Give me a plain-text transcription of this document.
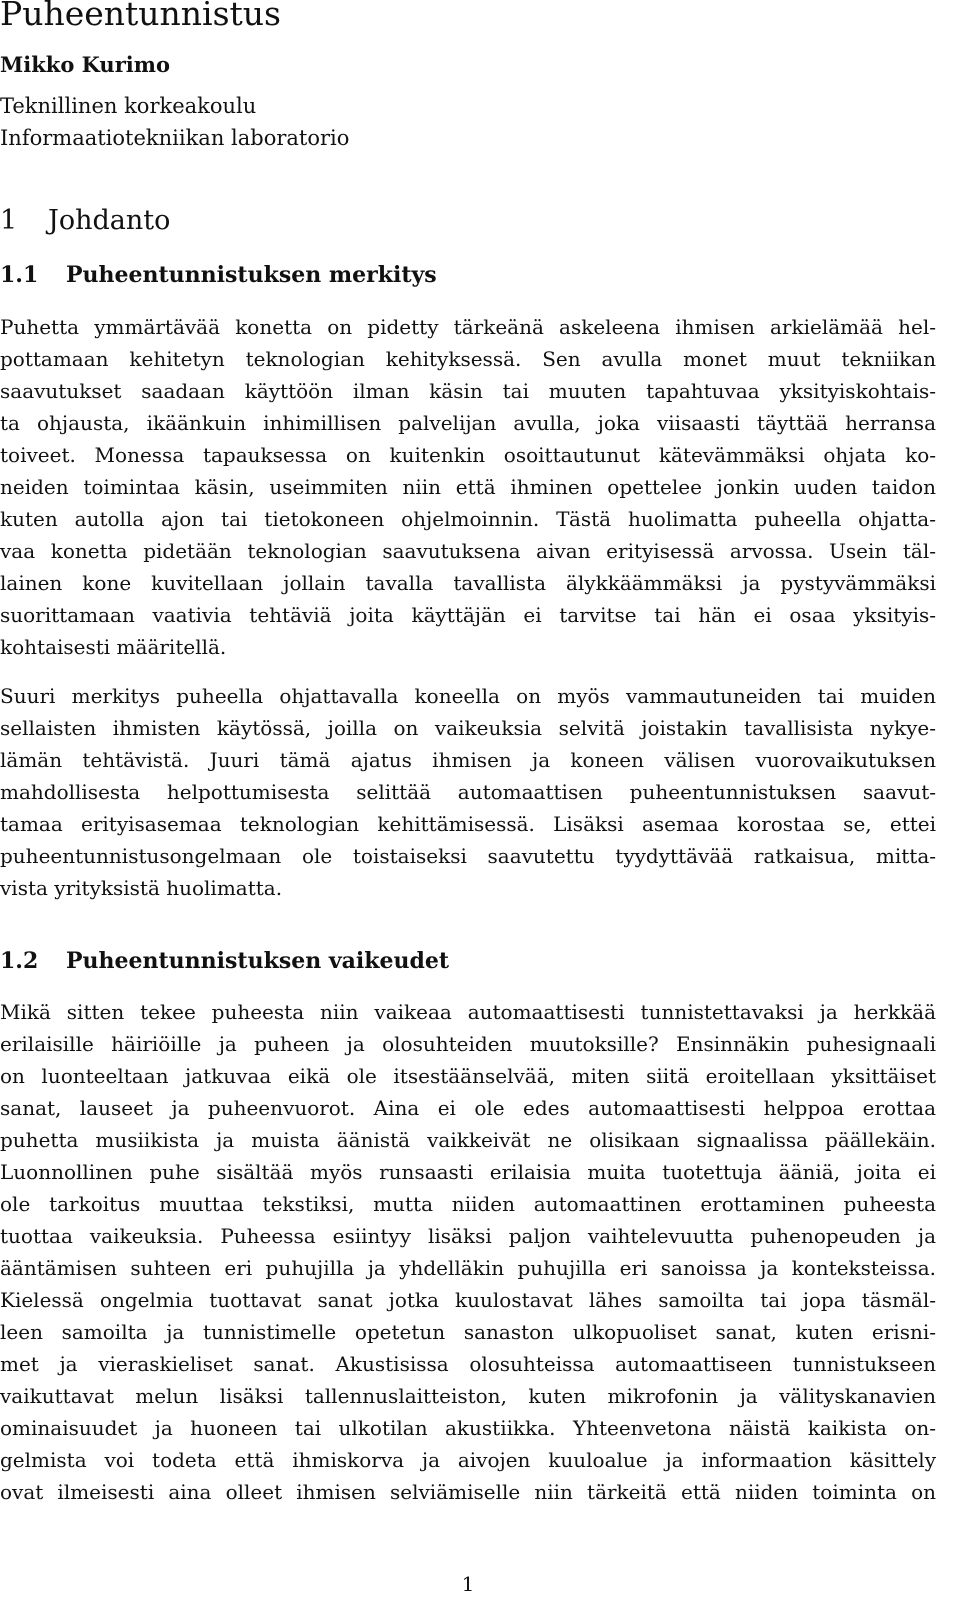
Puheentunnistus
Mikko Kurimo
Teknillinen korkeakoulu
Informaatiotekniikan laboratorio
1 Johdanto
1.1 Puheentunnistuksen merkitys
Puhetta ymmärtävää konetta on pidetty tärkeänä askeleena ihmisen arkielämää hel-
pottamaan kehitetyn teknologian kehityksessä. Sen avulla monet muut tekniikan
saavutukset saadaan käyttöön ilman käsin tai muuten tapahtuvaa yksityiskohtais-
ta ohjausta, ikäänkuin inhimillisen palvelijan avulla, joka viisaasti täyttää herransa
toiveet. Monessa tapauksessa on kuitenkin osoittautunut kätevämmäksi ohjata ko-
neiden toimintaa käsin, useimmiten niin että ihminen opettelee jonkin uuden taidon
kuten autolla ajon tai tietokoneen ohjelmoinnin. Tästä huolimatta puheella ohjatta-
vaa konetta pidetään teknologian saavutuksena aivan erityisessä arvossa. Usein täl-
lainen kone kuvitellaan jollain tavalla tavallista älykkäämmäksi ja pystyvämmäksi
suorittamaan vaativia tehtäviä joita käyttäjän ei tarvitse tai hän ei osaa yksityis-
kohtaisesti määritellä.
Suuri merkitys puheella ohjattavalla koneella on myös vammautuneiden tai muiden
sellaisten ihmisten käytössä, joilla on vaikeuksia selvitä joistakin tavallisista nykye-
lämän tehtävistä. Juuri tämä ajatus ihmisen ja koneen välisen vuorovaikutuksen
mahdollisesta helpottumisesta selittää automaattisen puheentunnistuksen saavut-
tamaa erityisasemaa teknologian kehittämisessä. Lisäksi asemaa korostaa se, ettei
puheentunnistusongelmaan ole toistaiseksi saavutettu tyydyttävää ratkaisua, mitta-
vista yrityksistä huolimatta.
1.2 Puheentunnistuksen vaikeudet
Mikä sitten tekee puheesta niin vaikeaa automaattisesti tunnistettavaksi ja herkkää
erilaisille häiriöille ja puheen ja olosuhteiden muutoksille? Ensinnäkin puhesignaali
on luonteeltaan jatkuvaa eikä ole itsestäänselvää, miten siitä eroitellaan yksittäiset
sanat, lauseet ja puheenvuorot. Aina ei ole edes automaattisesti helppoa erottaa
puhetta musiikista ja muista äänistä vaikkeivät ne olisikaan signaalissa päällekäin.
Luonnollinen puhe sisältää myös runsaasti erilaisia muita tuotettuja ääniä, joita ei
ole tarkoitus muuttaa tekstiksi, mutta niiden automaattinen erottaminen puheesta
tuottaa vaikeuksia. Puheessa esiintyy lisäksi paljon vaihtelevuutta puhenopeuden ja
ääntämisen suhteen eri puhujilla ja yhdelläkin puhujilla eri sanoissa ja konteksteissa.
Kielessä ongelmia tuottavat sanat jotka kuulostavat lähes samoilta tai jopa täsmäl-
leen samoilta ja tunnistimelle opetetun sanaston ulkopuoliset sanat, kuten erisni-
met ja vieraskieliset sanat. Akustisissa olosuhteissa automaattiseen tunnistukseen
vaikuttavat melun lisäksi tallennuslaitteiston, kuten mikrofonin ja välityskanavien
ominaisuudet ja huoneen tai ulkotilan akustiikka. Yhteenvetona näistä kaikista on-
gelmista voi todeta että ihmiskorva ja aivojen kuuloalue ja informaation käsittely
ovat ilmeisesti aina olleet ihmisen selviämiselle niin tärkeitä että niiden toiminta on
1
